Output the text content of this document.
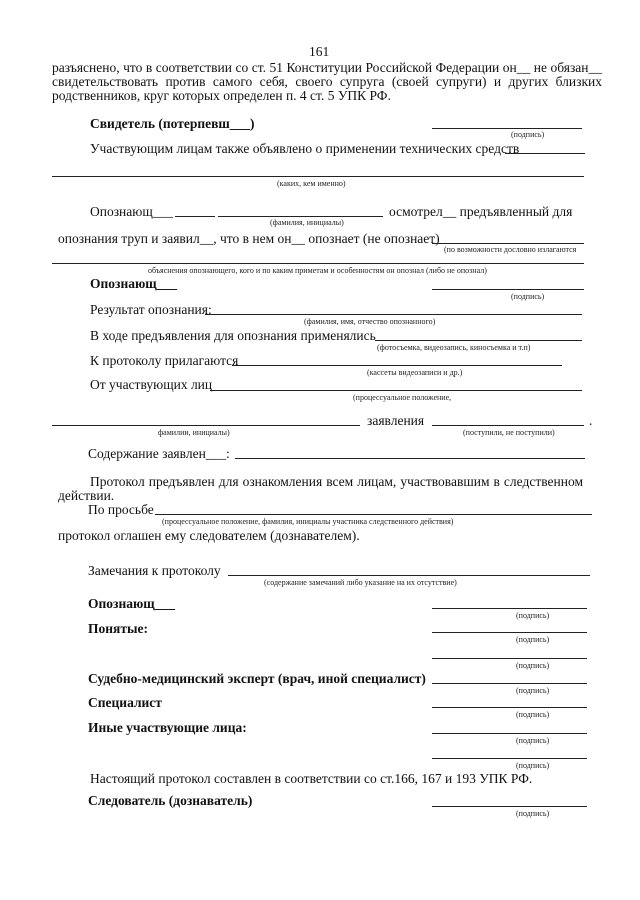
161
разъяснено, что в соответствии со ст. 51 Конституции Российской Федерации он__ не обязан__
свидетельствовать против самого себя, своего супруга (своей супруги) и других близких
родственников, круг которых определен п. 4 ст. 5 УПК РФ.
Свидетель (потерпевш___)
(подпись)
Участвующим лицам также объявлено о применении технических средств
(каких, кем именно)
Опознающ___
(фамилия, инициалы)
осмотрел__ предъявленный для
опознания труп и заявил__, что в нем он__ опознает (не опознает)
(по возможности дословно излагаются
объяснения опознающего, кого и по каким приметам и особенностям он опознал (либо не опознал)
Опознающ___
(подпись)
Результат опознания:
(фамилия, имя, отчество опознанного)
В ходе предъявления для опознания применялись
(фотосъемка, видеозапись, киносъемка и т.п)
К протоколу прилагаются
(кассеты видеозаписи и др.)
От участвующих лиц
(процессуальное положение,
фамилии, инициалы)
заявления	.
(поступили, не поступили)
Содержание заявлен___:
Протокол предъявлен для ознакомления всем лицам, участвовавшим в следственном
действии.
По просьбе
(процессуальное положение, фамилия, инициалы участника следственного действия)
протокол оглашен ему следователем (дознавателем).
Замечания к протоколу
(содержание замечаний либо указание на их отсутствие)
Опознающ___
(подпись)
Понятые:
(подпись)
(подпись)
Судебно-медицинский эксперт (врач, иной специалист)
(подпись)
Специалист
(подпись)
Иные участвующие лица:
(подпись)
(подпись)
Настоящий протокол составлен в соответствии со ст.166, 167 и 193 УПК РФ.
Следователь (дознаватель)
(подпись)
